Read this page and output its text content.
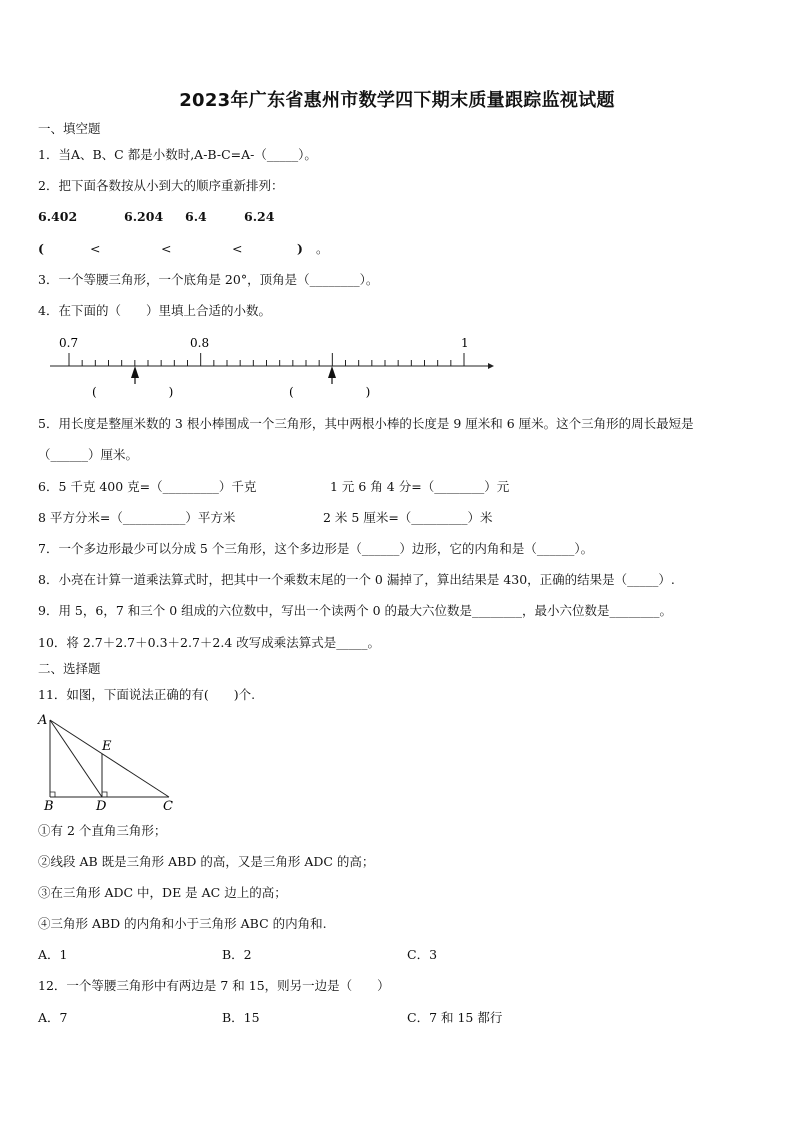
2023年广东省惠州市数学四下期末质量跟踪监视试题
一、填空题
1．当A、B、C 都是小数时,A-B-C=A-（_____）。
2．把下面各数按从小到大的顺序重新排列：
6.402	6.204 6.4	6.24
(	<	<	<	) 。
3．一个等腰三角形，一个底角是 20°，顶角是（________）。
4．在下面的（　　）里填上合适的小数。
0.7	0.8	1
(　　　　　　)	(　　　　　　)
5．用长度是整厘米数的 3 根小棒围成一个三角形，其中两根小棒的长度是 9 厘米和 6 厘米。这个三角形的周长最短是
（______）厘米。
6．5 千克 400 克=（_________）千克	1 元 6 角 4 分=（________）元
8 平方分米=（__________）平方米	2 米 5 厘米=（_________）米
7．一个多边形最少可以分成 5 个三角形，这个多边形是（______）边形，它的内角和是（______）。
8．小亮在计算一道乘法算式时，把其中一个乘数末尾的一个 0 漏掉了，算出结果是 430，正确的结果是（_____）.
9．用 5，6，7 和三个 0 组成的六位数中，写出一个读两个 0 的最大六位数是________，最小六位数是________。
10．将 2.7＋2.7＋0.3＋2.7＋2.4 改写成乘法算式是_____。
二、选择题
11．如图，下面说法正确的有(　　)个.
A
B	D	C
E
①有 2 个直角三角形；
②线段 AB 既是三角形 ABD 的高，又是三角形 ADC 的高；
③在三角形 ADC 中，DE 是 AC 边上的高；
④三角形 ABD 的内角和小于三角形 ABC 的内角和.
A．1	B．2	C．3
12．一个等腰三角形中有两边是 7 和 15，则另一边是（　　）
A．7	B．15	C．7 和 15 都行
